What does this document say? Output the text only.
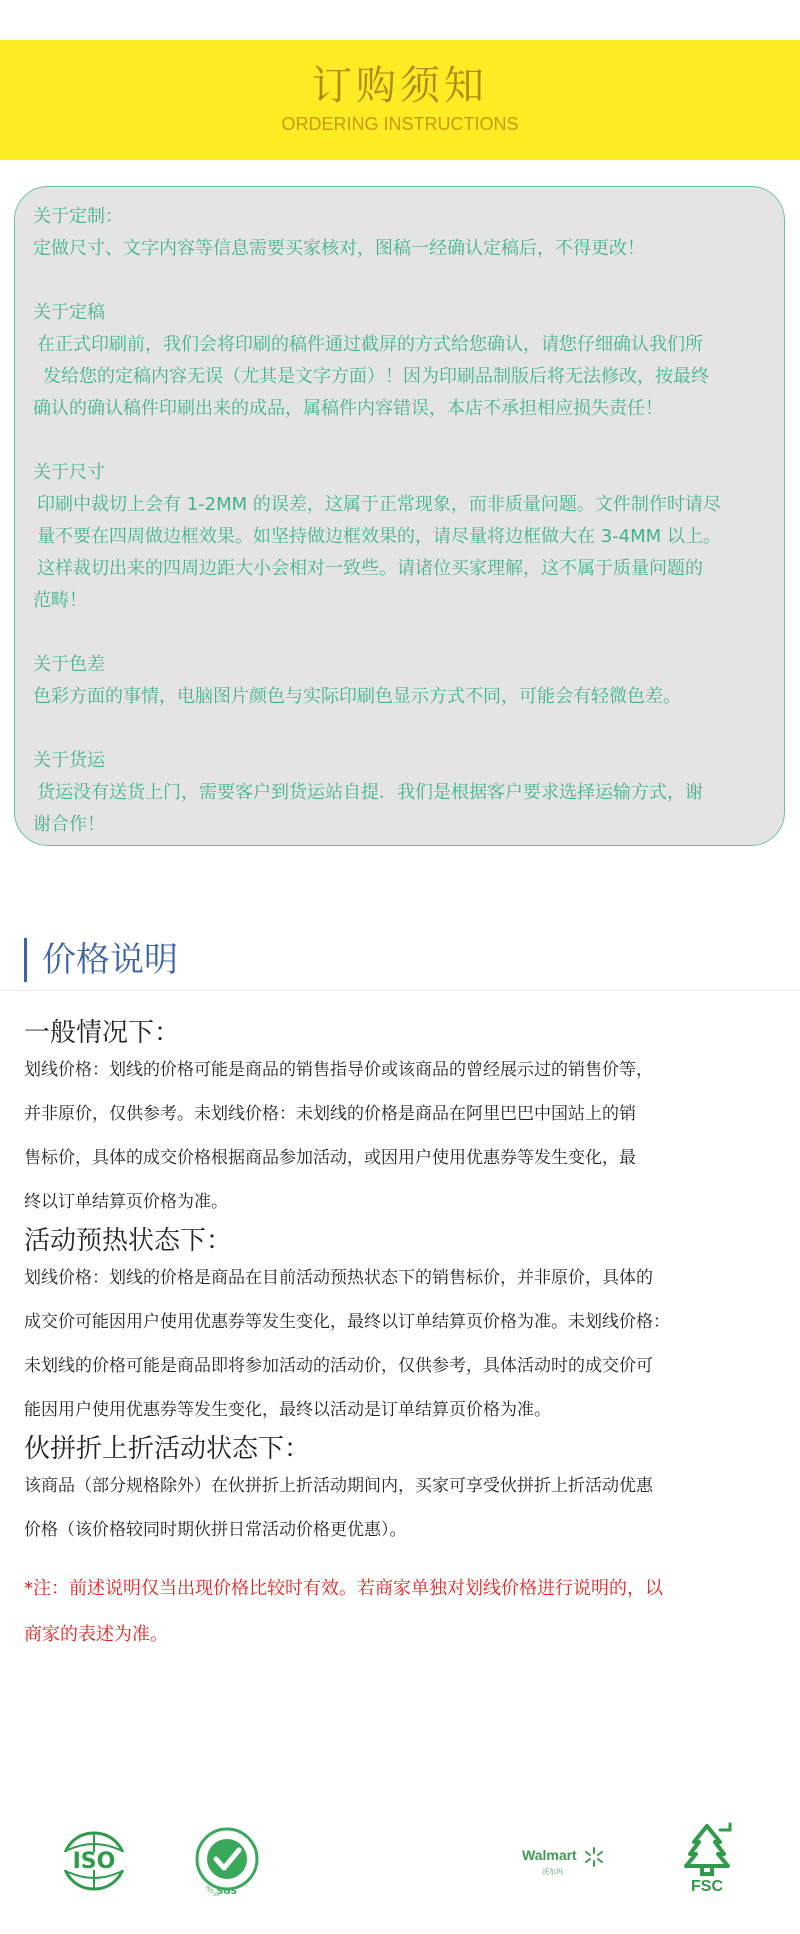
订购须知
ORDERING INSTRUCTIONS
关于定制：
定做尺寸、文字内容等信息需要买家核对，图稿一经确认定稿后，不得更改！
关于定稿
在正式印刷前，我们会将印刷的稿件通过截屏的方式给您确认，请您仔细确认我们所
发给您的定稿内容无误（尤其是文字方面）！因为印刷品制版后将无法修改，按最终
确认的确认稿件印刷出来的成品，属稿件内容错误，本店不承担相应损失责任！
关于尺寸
印刷中裁切上会有 1-2MM 的误差，这属于正常现象，而非质量问题。文件制作时请尽
量不要在四周做边框效果。如坚持做边框效果的，请尽量将边框做大在 3-4MM 以上。
这样裁切出来的四周边距大小会相对一致些。请诸位买家理解，这不属于质量问题的
范畴！
关于色差
色彩方面的事情，电脑图片颜色与实际印刷色显示方式不同，可能会有轻微色差。
关于货运
货运没有送货上门，需要客户到货运站自提．我们是根据客户要求选择运输方式，谢
谢合作！
价格说明
一般情况下：
划线价格：划线的价格可能是商品的销售指导价或该商品的曾经展示过的销售价等，
并非原价，仅供参考。未划线价格：未划线的价格是商品在阿里巴巴中国站上的销
售标价，具体的成交价格根据商品参加活动，或因用户使用优惠券等发生变化，最
终以订单结算页价格为准。
活动预热状态下：
划线价格：划线的价格是商品在目前活动预热状态下的销售标价，并非原价，具体的
成交价可能因用户使用优惠券等发生变化，最终以订单结算页价格为准。未划线价格：
未划线的价格可能是商品即将参加活动的活动价，仅供参考，具体活动时的成交价可
能因用户使用优惠券等发生变化，最终以活动是订单结算页价格为准。
伙拼折上折活动状态下：
该商品（部分规格除外）在伙拼折上折活动期间内，买家可享受伙拼折上折活动优惠
价格（该价格较同时期伙拼日常活动价格更优惠）。
*注：前述说明仅当出现价格比较时有效。若商家单独对划线价格进行说明的，以
商家的表述为准。
ISO
SGS
Walmart
沃尔玛
FSC
